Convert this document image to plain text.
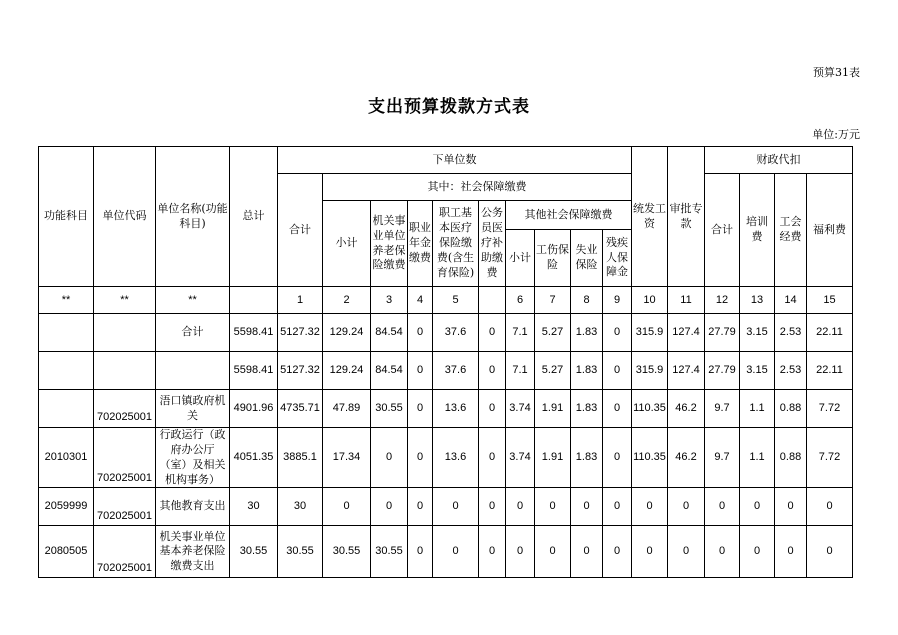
预算31表
支出预算拨款方式表
单位:万元
功能科目	单位代码	单位名称(功能科目)	总计	下单位数										统发工资	审批专款	财政代扣			
				合计	其中：社会保障缴费											合计	培训费	工会经费	福利费
					小计	机关事业单位养老保险缴费	职业年金缴费	职工基本医疗保险缴费(含生育保险)	公务员医疗补助缴费	其他社会保障缴费									
										小计	工伤保险	失业保险	残疾人保障金						
**	**	**		1	2	3	4	5		6	7	8	9	10	11	12	13	14	15
		合计	5598.41	5127.32	129.24	84.54	0	37.6	0	7.1	5.27	1.83	0	315.9	127.4	27.79	3.15	2.53	22.11
			5598.41	5127.32	129.24	84.54	0	37.6	0	7.1	5.27	1.83	0	315.9	127.4	27.79	3.15	2.53	22.11
	702025001	浯口镇政府机关	4901.96	4735.71	47.89	30.55	0	13.6	0	3.74	1.91	1.83	0	110.35	46.2	9.7	1.1	0.88	7.72
2010301	702025001	行政运行（政府办公厅（室）及相关机构事务）	4051.35	3885.1	17.34	0	0	13.6	0	3.74	1.91	1.83	0	110.35	46.2	9.7	1.1	0.88	7.72
2059999	702025001	其他教育支出	30	30	0	0	0	0	0	0	0	0	0	0	0	0	0	0	0
2080505	702025001	机关事业单位基本养老保险缴费支出	30.55	30.55	30.55	30.55	0	0	0	0	0	0	0	0	0	0	0	0	0
